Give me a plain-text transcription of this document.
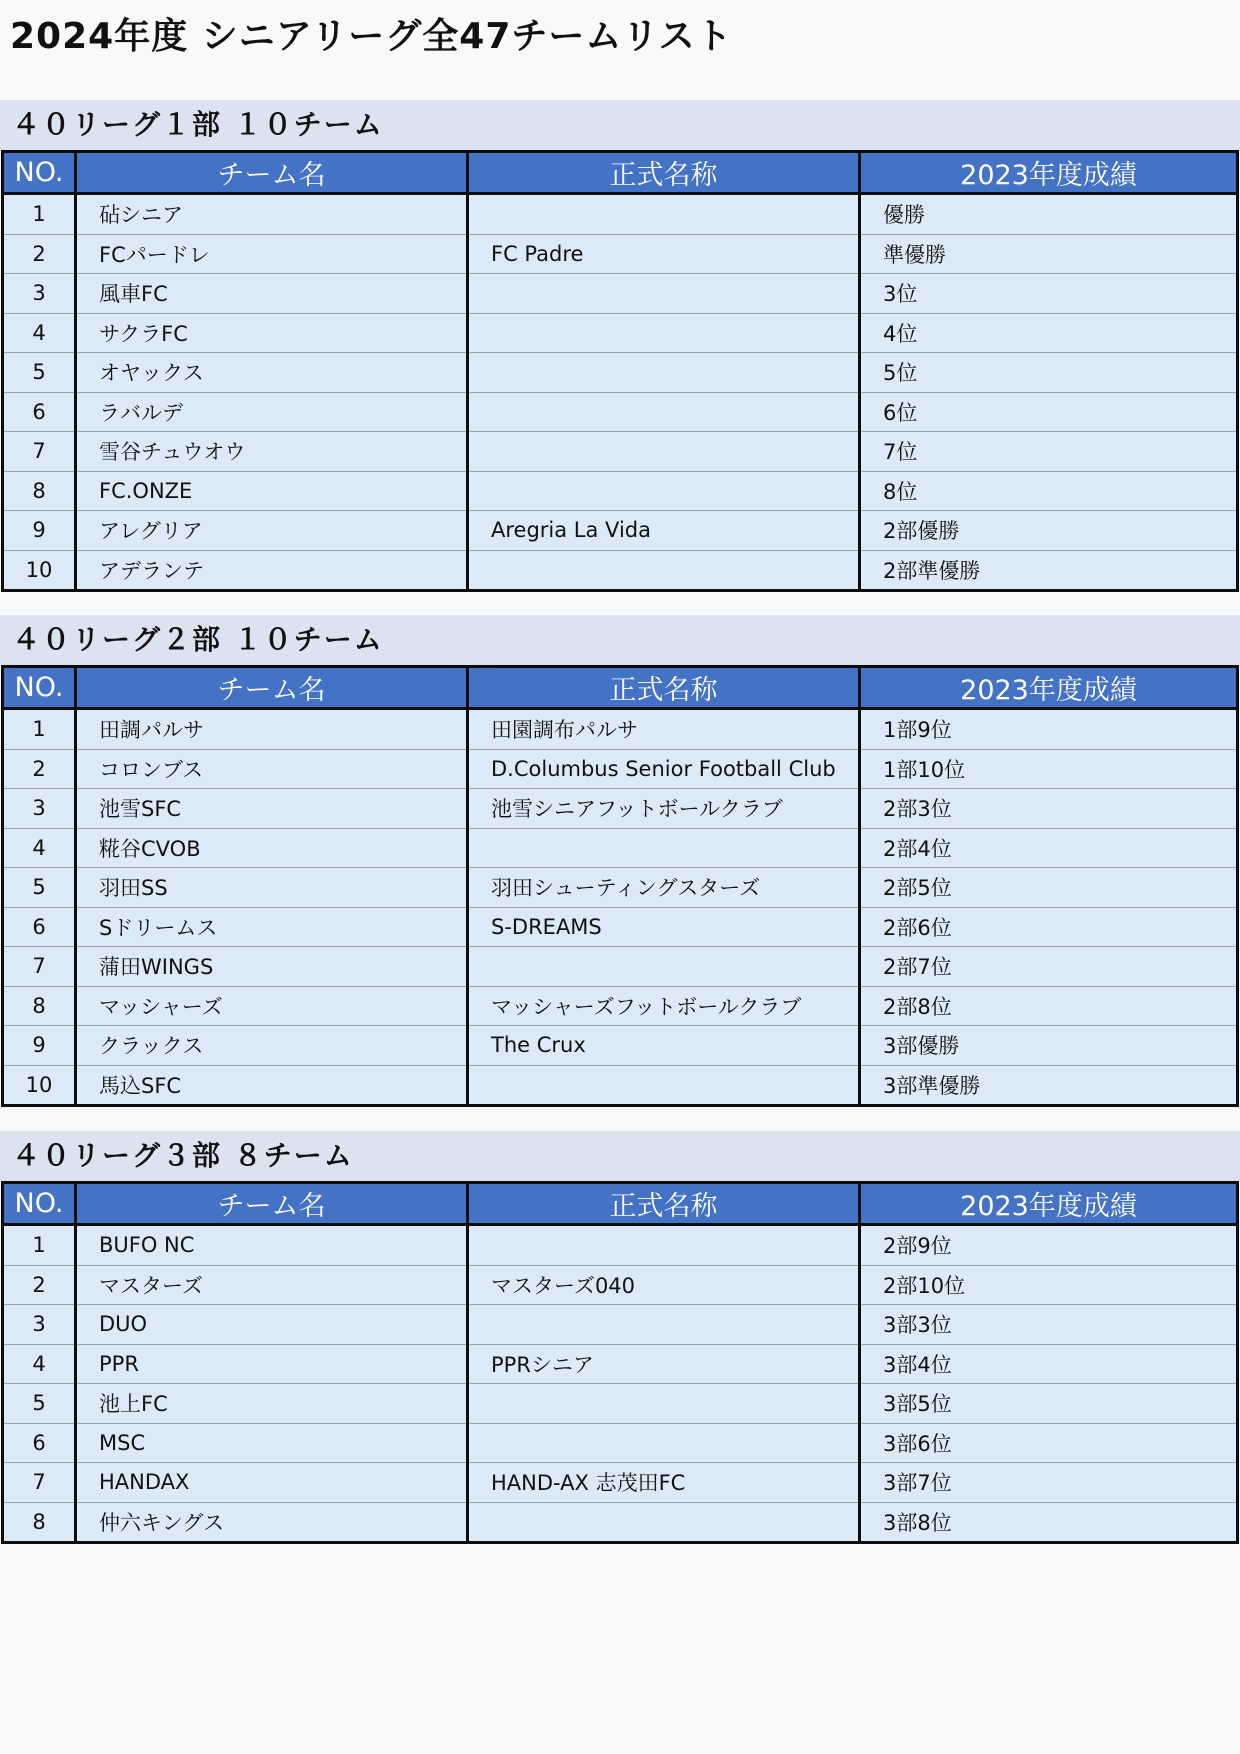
2024年度 シニアリーグ全47チームリスト
４０リーグ１部 １０チーム
NO.	チーム名	正式名称	2023年度成績
1	砧シニア		優勝
2	FCパードレ	FC Padre	準優勝
3	風車FC		3位
4	サクラFC		4位
5	オヤックス		5位
6	ラバルデ		6位
7	雪谷チュウオウ		7位
8	FC.ONZE		8位
9	アレグリア	Aregria La Vida	2部優勝
10	アデランテ		2部準優勝
４０リーグ２部 １０チーム
NO.	チーム名	正式名称	2023年度成績
1	田調パルサ	田園調布パルサ	1部9位
2	コロンブス	D.Columbus Senior Football Club	1部10位
3	池雪SFC	池雪シニアフットボールクラブ	2部3位
4	糀谷CVOB		2部4位
5	羽田SS	羽田シューティングスターズ	2部5位
6	Sドリームス	S-DREAMS	2部6位
7	蒲田WINGS		2部7位
8	マッシャーズ	マッシャーズフットボールクラブ	2部8位
9	クラックス	The Crux	3部優勝
10	馬込SFC		3部準優勝
４０リーグ３部 ８チーム
NO.	チーム名	正式名称	2023年度成績
1	BUFO NC		2部9位
2	マスターズ	マスターズ040	2部10位
3	DUO		3部3位
4	PPR	PPRシニア	3部4位
5	池上FC		3部5位
6	MSC		3部6位
7	HANDAX	HAND-AX 志茂田FC	3部7位
8	仲六キングス		3部8位
